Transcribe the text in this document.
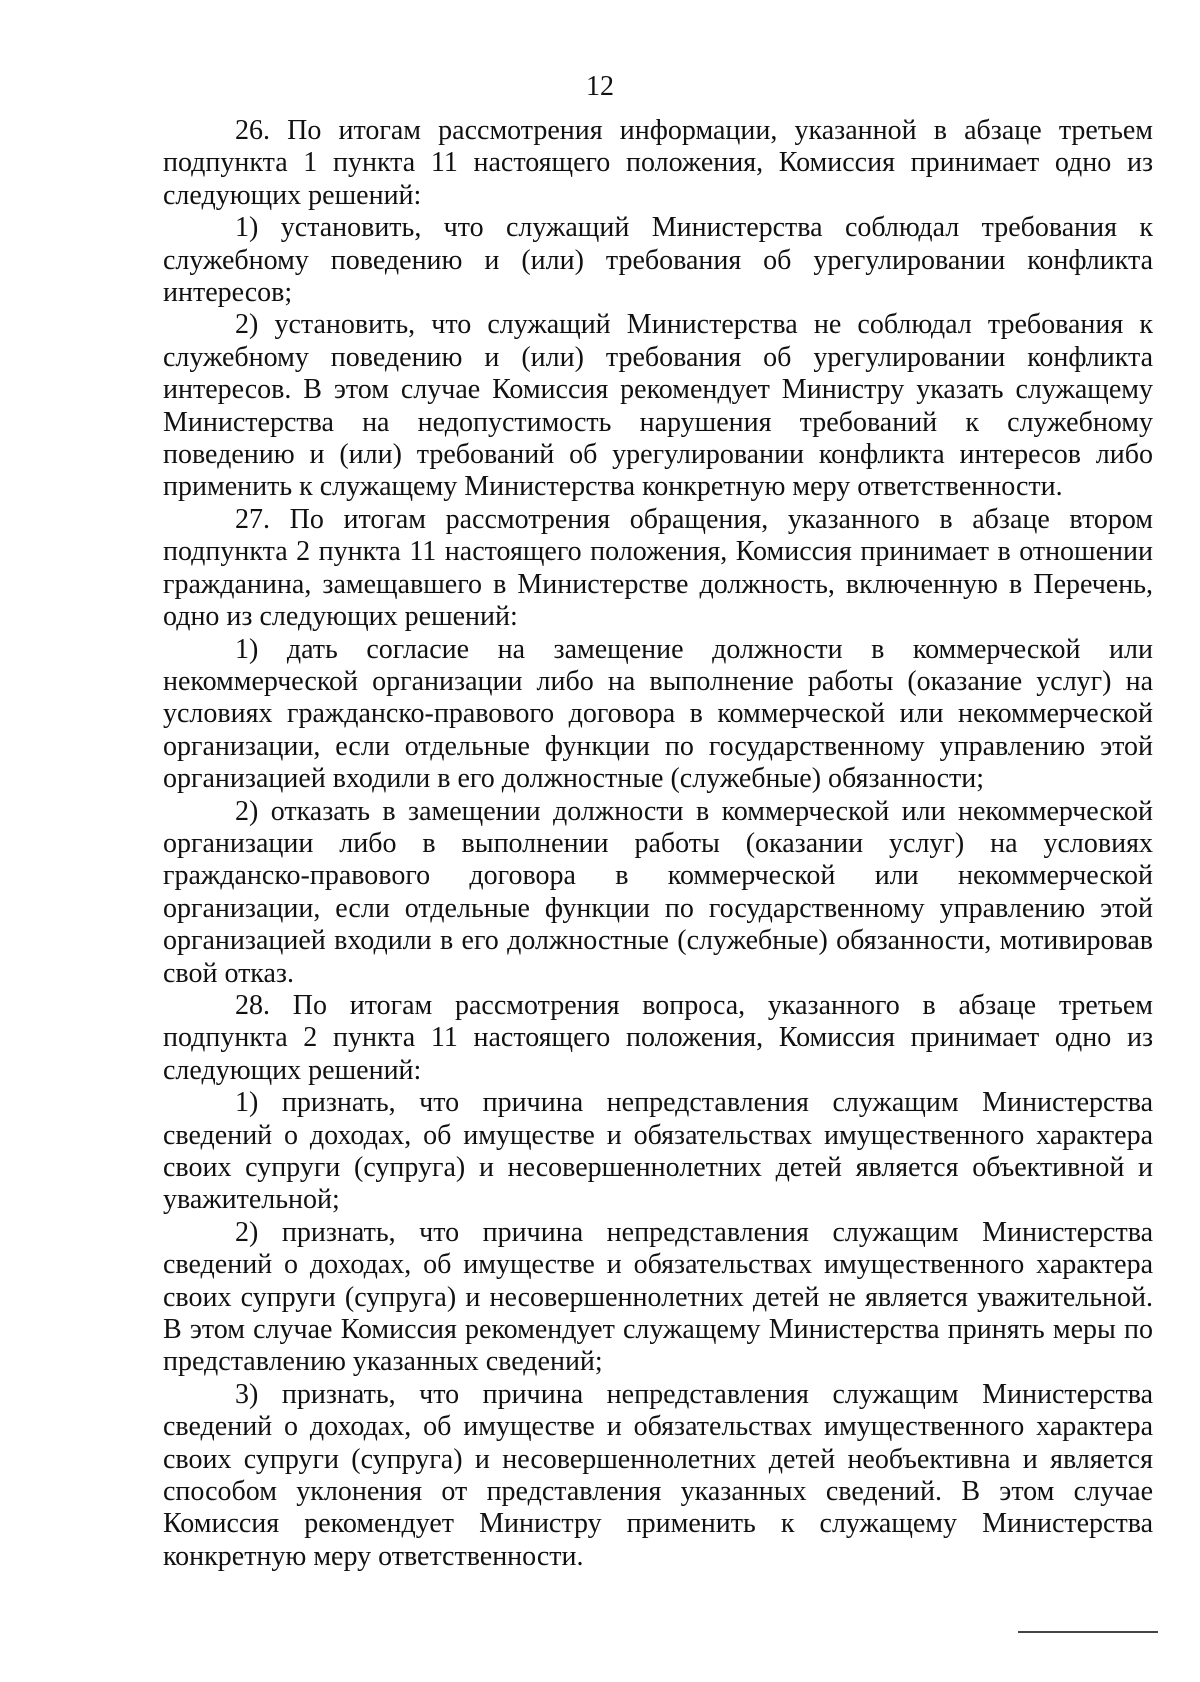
12

26. По итогам рассмотрения информации, указанной в абзаце третьем подпункта 1 пункта 11 настоящего положения, Комиссия принимает одно из следующих решений:

1) установить, что служащий Министерства соблюдал требования к служебному поведению и (или) требования об урегулировании конфликта интересов;

2) установить, что служащий Министерства не соблюдал требования к служебному поведению и (или) требования об урегулировании конфликта интересов. В этом случае Комиссия рекомендует Министру указать служащему Министерства на недопустимость нарушения требований к служебному поведению и (или) требований об урегулировании конфликта интересов либо применить к служащему Министерства конкретную меру ответственности.

27. По итогам рассмотрения обращения, указанного в абзаце втором подпункта 2 пункта 11 настоящего положения, Комиссия принимает в отношении гражданина, замещавшего в Министерстве должность, включенную в Перечень, одно из следующих решений:

1) дать согласие на замещение должности в коммерческой или некоммерческой организации либо на выполнение работы (оказание услуг) на условиях гражданско-правового договора в коммерческой или некоммерческой организации, если отдельные функции по государственному управлению этой организацией входили в его должностные (служебные) обязанности;

2) отказать в замещении должности в коммерческой или некоммерческой организации либо в выполнении работы (оказании услуг) на условиях гражданско-правового договора в коммерческой или некоммерческой организации, если отдельные функции по государственному управлению этой организацией входили в его должностные (служебные) обязанности, мотивировав свой отказ.

28. По итогам рассмотрения вопроса, указанного в абзаце третьем подпункта 2 пункта 11 настоящего положения, Комиссия принимает одно из следующих решений:

1) признать, что причина непредставления служащим Министерства сведений о доходах, об имуществе и обязательствах имущественного характера своих супруги (супруга) и несовершеннолетних детей является объективной и уважительной;

2) признать, что причина непредставления служащим Министерства сведений о доходах, об имуществе и обязательствах имущественного характера своих супруги (супруга) и несовершеннолетних детей не является уважительной. В этом случае Комиссия рекомендует служащему Министерства принять меры по представлению указанных сведений;

3) признать, что причина непредставления служащим Министерства сведений о доходах, об имуществе и обязательствах имущественного характера своих супруги (супруга) и несовершеннолетних детей необъективна и является способом уклонения от представления указанных сведений. В этом случае Комиссия рекомендует Министру применить к служащему Министерства конкретную меру ответственности.
